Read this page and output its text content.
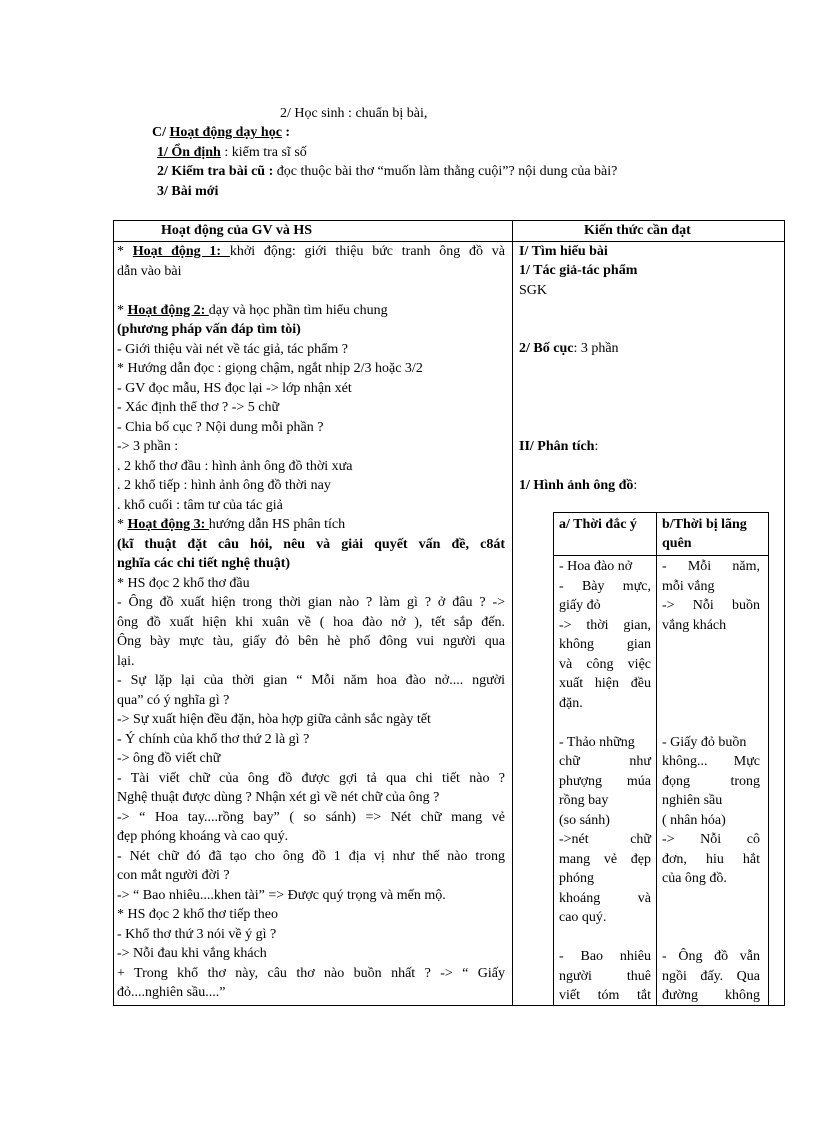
2/ Học sinh : chuẩn bị bài,
C/ Hoạt động dạy học :
1/ Ổn định : kiểm tra sĩ số
2/ Kiểm tra bài cũ : đọc thuộc bài thơ “muốn làm thằng cuội”? nội dung của bài?
3/ Bài mới
Hoạt động của GV và HS	Kiến thức cần đạt
* Hoạt động 1: khởi động: giới thiệu bức tranh ông đồ và
dẫn vào bài
* Hoạt động 2: dạy và học phần tìm hiểu chung
(phương pháp vấn đáp tìm tòi)
- Giới thiệu vài nét về tác giả, tác phẩm ?
* Hướng dẫn đọc : giọng chậm, ngắt nhịp 2/3 hoặc 3/2
- GV đọc mẫu, HS đọc lại -> lớp nhận xét
- Xác định thể thơ ? -> 5 chữ
- Chia bố cục ? Nội dung mỗi phần ?
-> 3 phần :
. 2 khổ thơ đầu : hình ảnh ông đồ thời xưa
. 2 khổ tiếp : hình ảnh ông đồ thời nay
. khổ cuối : tâm tư của tác giả
* Hoạt động 3: hướng dẫn HS phân tích
(kĩ thuật đặt câu hỏi, nêu và giải quyết vấn đề, c8át
nghĩa các chi tiết nghệ thuật)
* HS đọc 2 khổ thơ đầu
- Ông đồ xuất hiện trong thời gian nào ? làm gì ? ở đâu ? ->
ông đồ xuất hiện khi xuân về ( hoa đào nở ), tết sắp đến.
Ông bày mực tàu, giấy đỏ bên hè phố đông vui người qua
lại.
- Sự lặp lại của thời gian “ Mỗi năm hoa đào nở.... người
qua” có ý nghĩa gì ?
-> Sự xuất hiện đều đặn, hòa hợp giữa cảnh sắc ngày tết
- Ý chính của khổ thơ thứ 2 là gì ?
-> ông đồ viết chữ
- Tài viết chữ của ông đồ được gợi tả qua chi tiết nào ?
Nghệ thuật được dùng ? Nhận xét gì về nét chữ của ông ?
-> “ Hoa tay....rồng bay” ( so sánh) => Nét chữ mang vẻ
đẹp phóng khoáng và cao quý.
- Nét chữ đó đã tạo cho ông đồ 1 địa vị như thế nào trong
con mắt người đời ?
-> “ Bao nhiêu....khen tài” => Được quý trọng và mến mộ.
* HS đọc 2 khổ thơ tiếp theo
- Khổ thơ thứ 3 nói về ý gì ?
-> Nỗi đau khi vắng khách
+ Trong khổ thơ này, câu thơ nào buồn nhất ? -> “ Giấy
đỏ....nghiên sầu....”
I/ Tìm hiểu bài
1/ Tác giả-tác phẩm
SGK
2/ Bố cục: 3 phần
II/ Phân tích:
1/ Hình ảnh ông đồ:
a/ Thời đắc ý b/Thời bị lãng
quên
- Hoa đào nở
- Bày mực,
giấy đỏ
-> thời gian,
không gian
và công việc
xuất hiện đều
đặn.
- Thảo những
chữ như
phượng múa
rồng bay
(so sánh)
->nét chữ
mang vẻ đẹp
phóng
khoáng và
cao quý.
- Bao nhiêu
người thuê
viết tóm tắt
- Mỗi năm,
mỗi vắng
-> Nỗi buồn
vắng khách
- Giấy đỏ buồn
không... Mực
đọng trong
nghiên sầu
( nhân hóa)
-> Nỗi cô
đơn, hiu hắt
của ông đồ.
- Ông đồ vẫn
ngồi đấy. Qua
đường không
